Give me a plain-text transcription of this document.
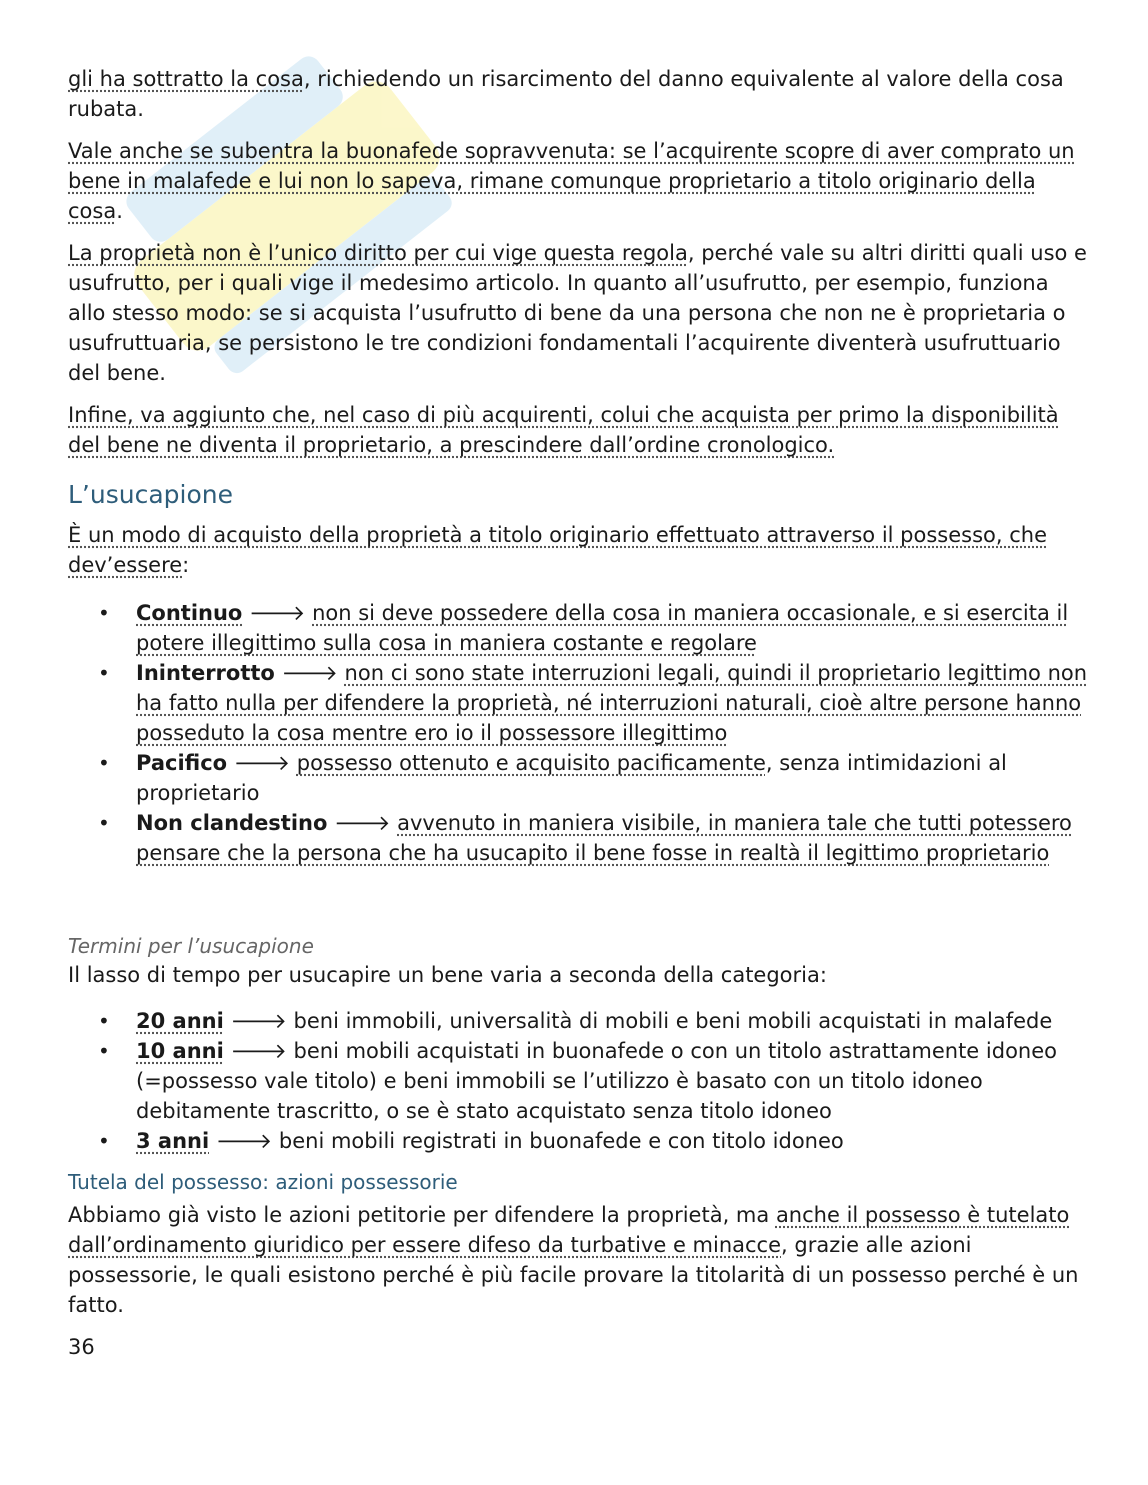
gli ha sottratto la cosa, richiedendo un risarcimento del danno equivalente al valore della cosa rubata.

Vale anche se subentra la buonafede sopravvenuta: se l’acquirente scopre di aver comprato un bene in malafede e lui non lo sapeva, rimane comunque proprietario a titolo originario della cosa.

La proprietà non è l’unico diritto per cui vige questa regola, perché vale su altri diritti quali uso e usufrutto, per i quali vige il medesimo articolo. In quanto all’usufrutto, per esempio, funziona allo stesso modo: se si acquista l’usufrutto di bene da una persona che non ne è proprietaria o usufruttuaria, se persistono le tre condizioni fondamentali l’acquirente diventerà usufruttuario del bene.

Infine, va aggiunto che, nel caso di più acquirenti, colui che acquista per primo la disponibilità del bene ne diventa il proprietario, a prescindere dall’ordine cronologico.

L’usucapione

È un modo di acquisto della proprietà a titolo originario effettuato attraverso il possesso, che dev’essere:

• Continuo 🡒 non si deve possedere della cosa in maniera occasionale, e si esercita il potere illegittimo sulla cosa in maniera costante e regolare
• Ininterrotto 🡒 non ci sono state interruzioni legali, quindi il proprietario legittimo non ha fatto nulla per difendere la proprietà, né interruzioni naturali, cioè altre persone hanno posseduto la cosa mentre ero io il possessore illegittimo
• Pacifico 🡒 possesso ottenuto e acquisito pacificamente, senza intimidazioni al proprietario
• Non clandestino 🡒 avvenuto in maniera visibile, in maniera tale che tutti potessero pensare che la persona che ha usucapito il bene fosse in realtà il legittimo proprietario
Termini per l’usucapione

Il lasso di tempo per usucapire un bene varia a seconda della categoria:

• 20 anni 🡒 beni immobili, universalità di mobili e beni mobili acquistati in malafede
• 10 anni 🡒 beni mobili acquistati in buonafede o con un titolo astrattamente idoneo (=possesso vale titolo) e beni immobili se l’utilizzo è basato con un titolo idoneo debitamente trascritto, o se è stato acquistato senza titolo idoneo
• 3 anni 🡒 beni mobili registrati in buonafede e con titolo idoneo
Tutela del possesso: azioni possessorie

Abbiamo già visto le azioni petitorie per difendere la proprietà, ma anche il possesso è tutelato dall’ordinamento giuridico per essere difeso da turbative e minacce, grazie alle azioni possessorie, le quali esistono perché è più facile provare la titolarità di un possesso perché è un fatto.

36
